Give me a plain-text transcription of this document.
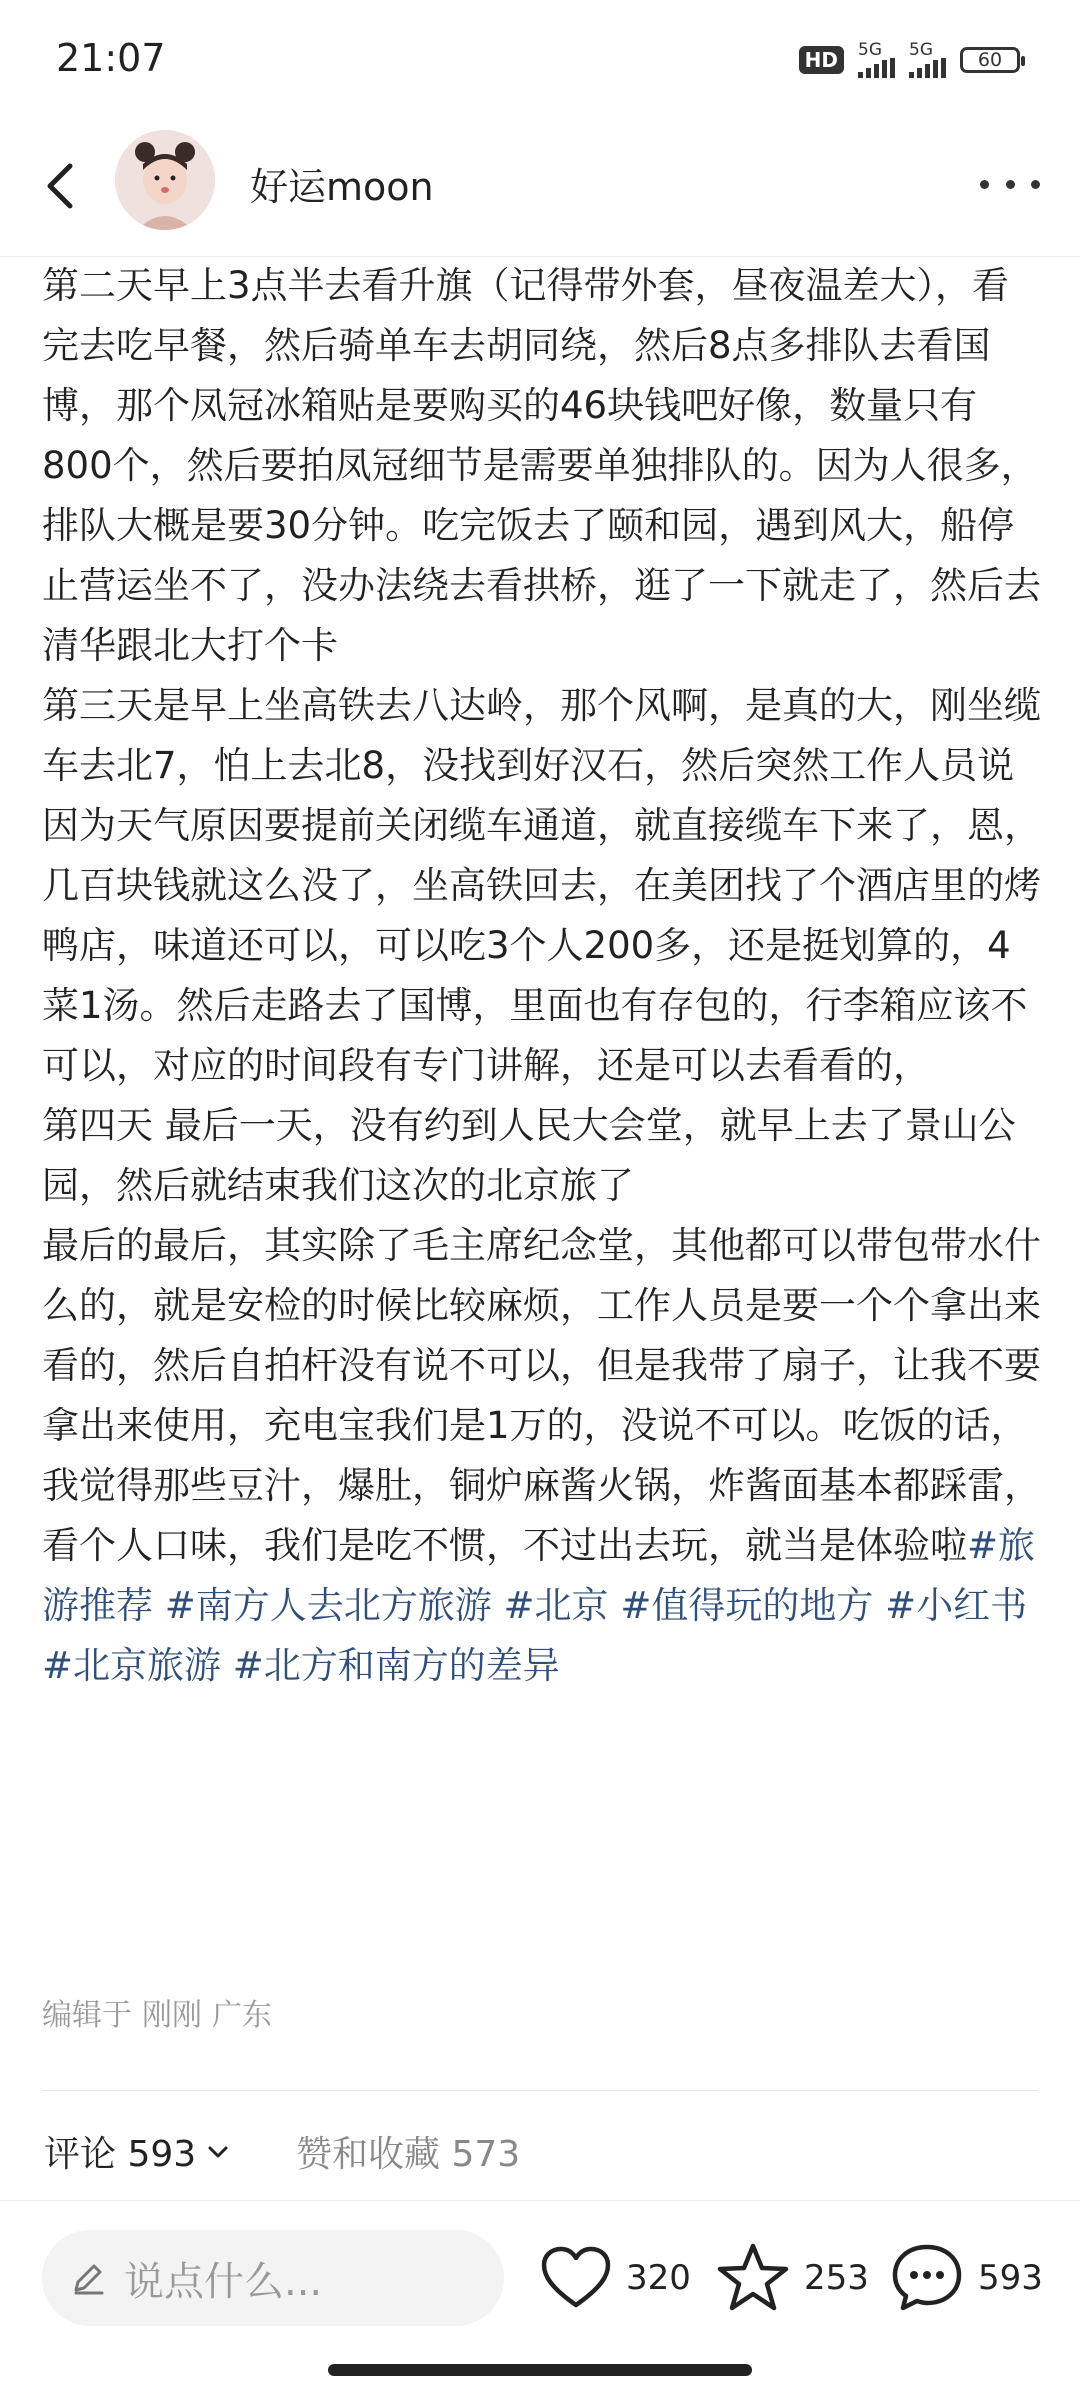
21:07	HD	5G 5G 60
好运moon

第二天早上3点半去看升旗（记得带外套，昼夜温差大），看完去吃早餐，然后骑单车去胡同绕，然后8点多排队去看国博，那个凤冠冰箱贴是要购买的46块钱吧好像，数量只有800个，然后要拍凤冠细节是需要单独排队的。因为人很多，排队大概是要30分钟。吃完饭去了颐和园，遇到风大，船停止营运坐不了，没办法绕去看拱桥，逛了一下就走了，然后去清华跟北大打个卡

第三天是早上坐高铁去八达岭，那个风啊，是真的大，刚坐缆车去北7，怕上去北8，没找到好汉石，然后突然工作人员说因为天气原因要提前关闭缆车通道，就直接缆车下来了，恩，几百块钱就这么没了，坐高铁回去，在美团找了个酒店里的烤鸭店，味道还可以，可以吃3个人200多，还是挺划算的，4菜1汤。然后走路去了国博，里面也有存包的，行李箱应该不可以，对应的时间段有专门讲解，还是可以去看看的，

第四天 最后一天，没有约到人民大会堂，就早上去了景山公园，然后就结束我们这次的北京旅了

最后的最后，其实除了毛主席纪念堂，其他都可以带包带水什么的，就是安检的时候比较麻烦，工作人员是要一个个拿出来看的，然后自拍杆没有说不可以，但是我带了扇子，让我不要拿出来使用，充电宝我们是1万的，没说不可以。吃饭的话，我觉得那些豆汁，爆肚，铜炉麻酱火锅，炸酱面基本都踩雷，看个人口味，我们是吃不惯，不过出去玩，就当是体验啦#旅游推荐 #南方人去北方旅游 #北京 #值得玩的地方 #小红书 #北京旅游 #北方和南方的差异

编辑于 刚刚 广东
评论 593	赞和收藏 573
说点什么...	320	253	593
